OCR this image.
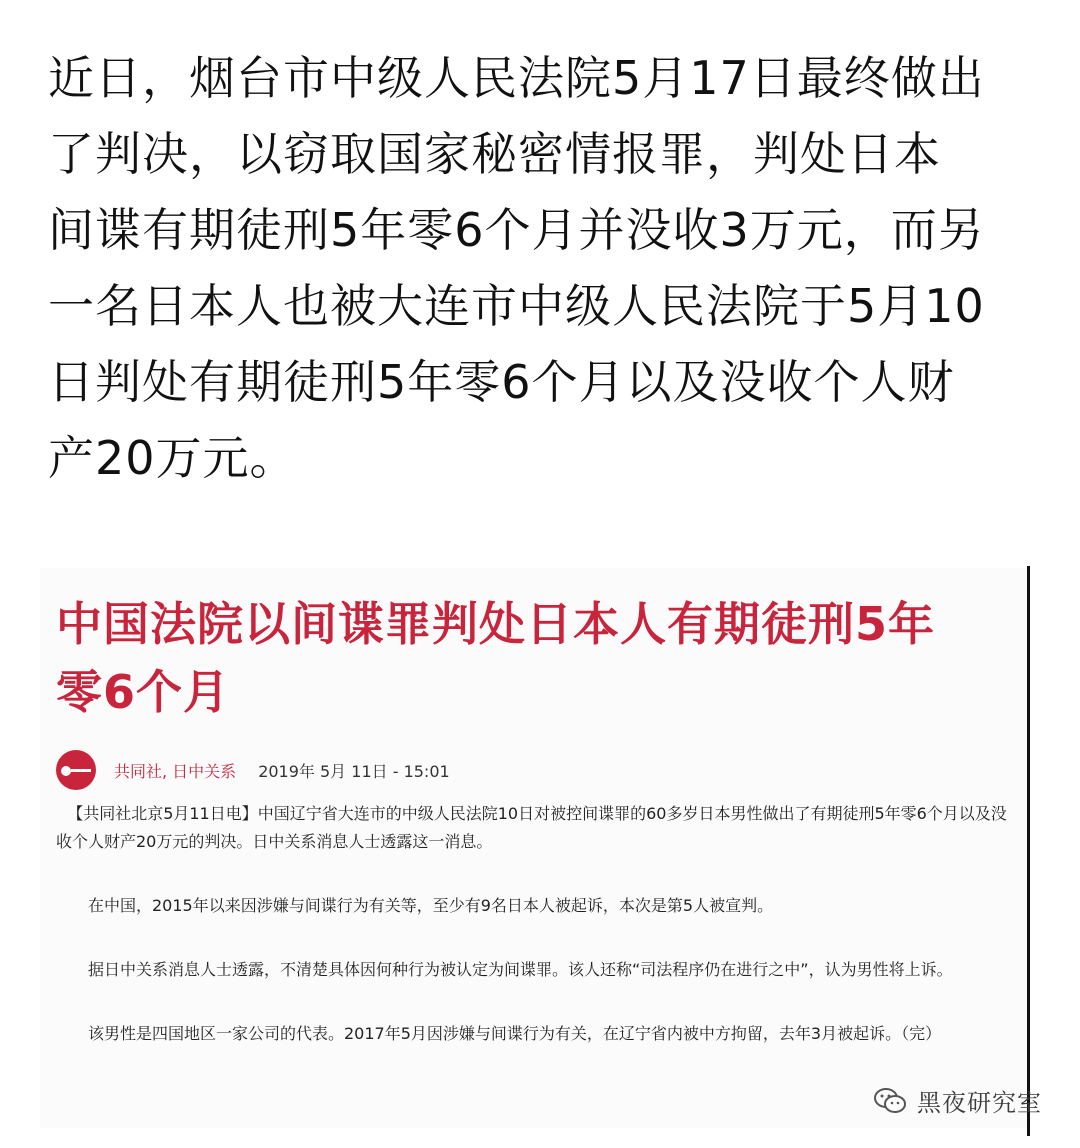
近日，烟台市中级人民法院5月17日最终做出
了判决，以窃取国家秘密情报罪，判处日本
间谍有期徒刑5年零6个月并没收3万元，而另
一名日本人也被大连市中级人民法院于5月10
日判处有期徒刑5年零6个月以及没收个人财
产20万元。
中国法院以间谍罪判处日本人有期徒刑5年
零6个月
共同社, 日中关系 2019年 5月 11日 - 15:01

【共同社北京5月11日电】中国辽宁省大连市的中级人民法院10日对被控间谍罪的60多岁日本男性做出了有期徒刑5年零6个月以及没收个人财产20万元的判决。日中关系消息人士透露这一消息。

在中国，2015年以来因涉嫌与间谍行为有关等，至少有9名日本人被起诉，本次是第5人被宣判。

据日中关系消息人士透露，不清楚具体因何种行为被认定为间谍罪。该人还称“司法程序仍在进行之中”，认为男性将上诉。

该男性是四国地区一家公司的代表。2017年5月因涉嫌与间谍行为有关，在辽宁省内被中方拘留，去年3月被起诉。（完）

黑夜研究室
